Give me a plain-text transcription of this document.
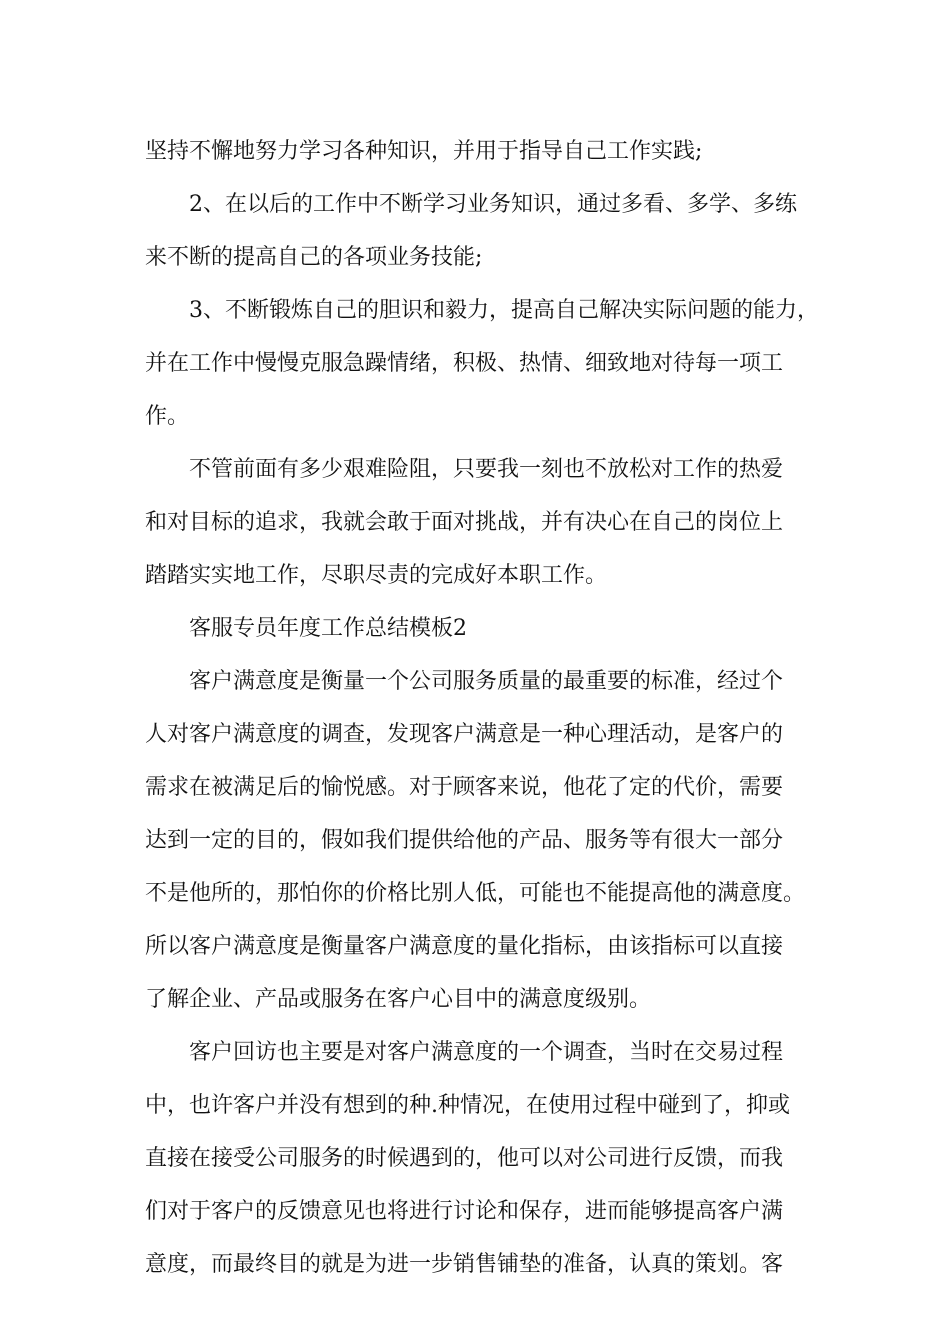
坚持不懈地努力学习各种知识，并用于指导自己工作实践;

2、在以后的工作中不断学习业务知识，通过多看、多学、多练

来不断的提高自己的各项业务技能;

3、不断锻炼自己的胆识和毅力，提高自己解决实际问题的能力，

并在工作中慢慢克服急躁情绪，积极、热情、细致地对待每一项工

作。

不管前面有多少艰难险阻，只要我一刻也不放松对工作的热爱

和对目标的追求，我就会敢于面对挑战，并有决心在自己的岗位上

踏踏实实地工作，尽职尽责的完成好本职工作。

客服专员年度工作总结模板2

客户满意度是衡量一个公司服务质量的最重要的标准，经过个

人对客户满意度的调查，发现客户满意是一种心理活动，是客户的

需求在被满足后的愉悦感。对于顾客来说，他花了定的代价，需要

达到一定的目的，假如我们提供给他的产品、服务等有很大一部分

不是他所的，那怕你的价格比别人低，可能也不能提高他的满意度。

所以客户满意度是衡量客户满意度的量化指标，由该指标可以直接

了解企业、产品或服务在客户心目中的满意度级别。

客户回访也主要是对客户满意度的一个调查，当时在交易过程

中，也许客户并没有想到的种.种情况，在使用过程中碰到了，抑或

直接在接受公司服务的时候遇到的，他可以对公司进行反馈，而我

们对于客户的反馈意见也将进行讨论和保存，进而能够提高客户满

意度，而最终目的就是为进一步销售铺垫的准备，认真的策划。客
